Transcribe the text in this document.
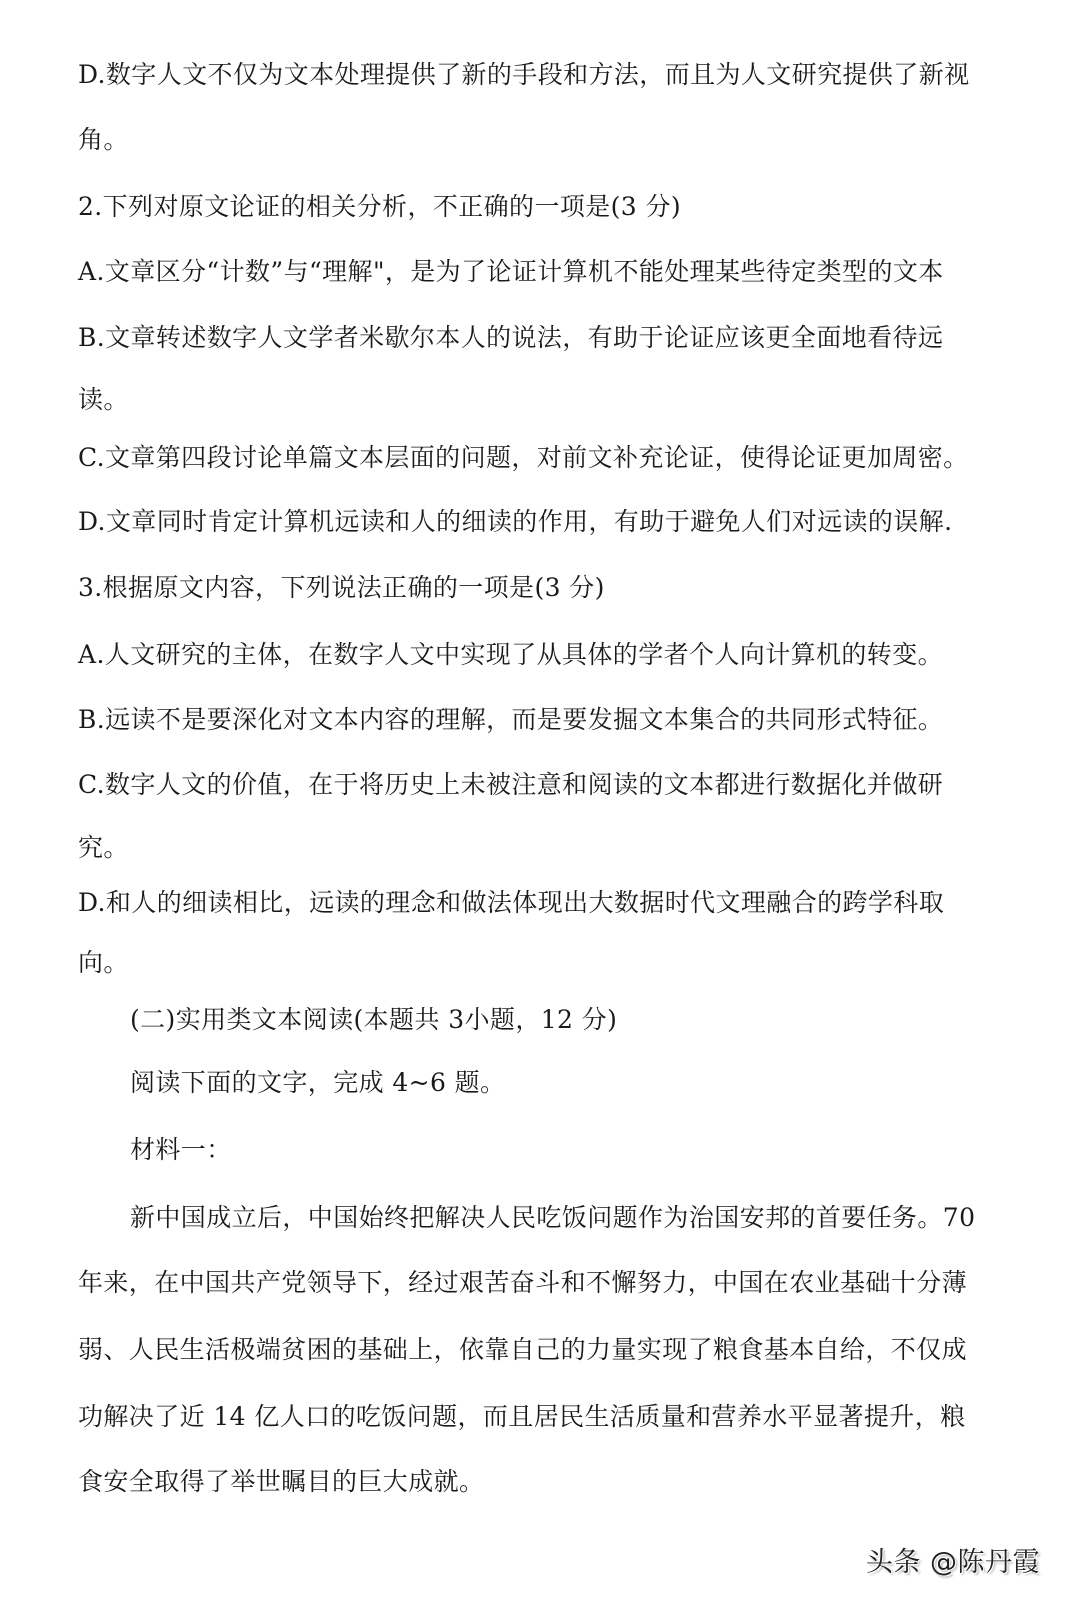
D.数字人文不仅为文本处理提供了新的手段和方法，而且为人文研究提供了新视
角。
2.下列对原文论证的相关分析，不正确的一项是(3 分)
A.文章区分“计数”与“理解"，是为了论证计算机不能处理某些待定类型的文本
B.文章转述数字人文学者米歇尔本人的说法，有助于论证应该更全面地看待远
读。
C.文章第四段讨论单篇文本层面的问题，对前文补充论证，使得论证更加周密。
D.文章同时肯定计算机远读和人的细读的作用，有助于避免人们对远读的误解.
3.根据原文内容，下列说法正确的一项是(3 分)
A.人文研究的主体，在数字人文中实现了从具体的学者个人向计算机的转变。
B.远读不是要深化对文本内容的理解，而是要发掘文本集合的共同形式特征。
C.数字人文的价值，在于将历史上未被注意和阅读的文本都进行数据化并做研
究。
D.和人的细读相比，远读的理念和做法体现出大数据时代文理融合的跨学科取
向。
(二)实用类文本阅读(本题共 3小题，12 分)
阅读下面的文字，完成 4~6 题。
材料一：
新中国成立后，中国始终把解决人民吃饭问题作为治国安邦的首要任务。70
年来，在中国共产党领导下，经过艰苦奋斗和不懈努力，中国在农业基础十分薄
弱、人民生活极端贫困的基础上，依靠自己的力量实现了粮食基本自给，不仅成
功解决了近 14 亿人口的吃饭问题，而且居民生活质量和营养水平显著提升，粮
食安全取得了举世瞩目的巨大成就。
头条 @陈丹霞
